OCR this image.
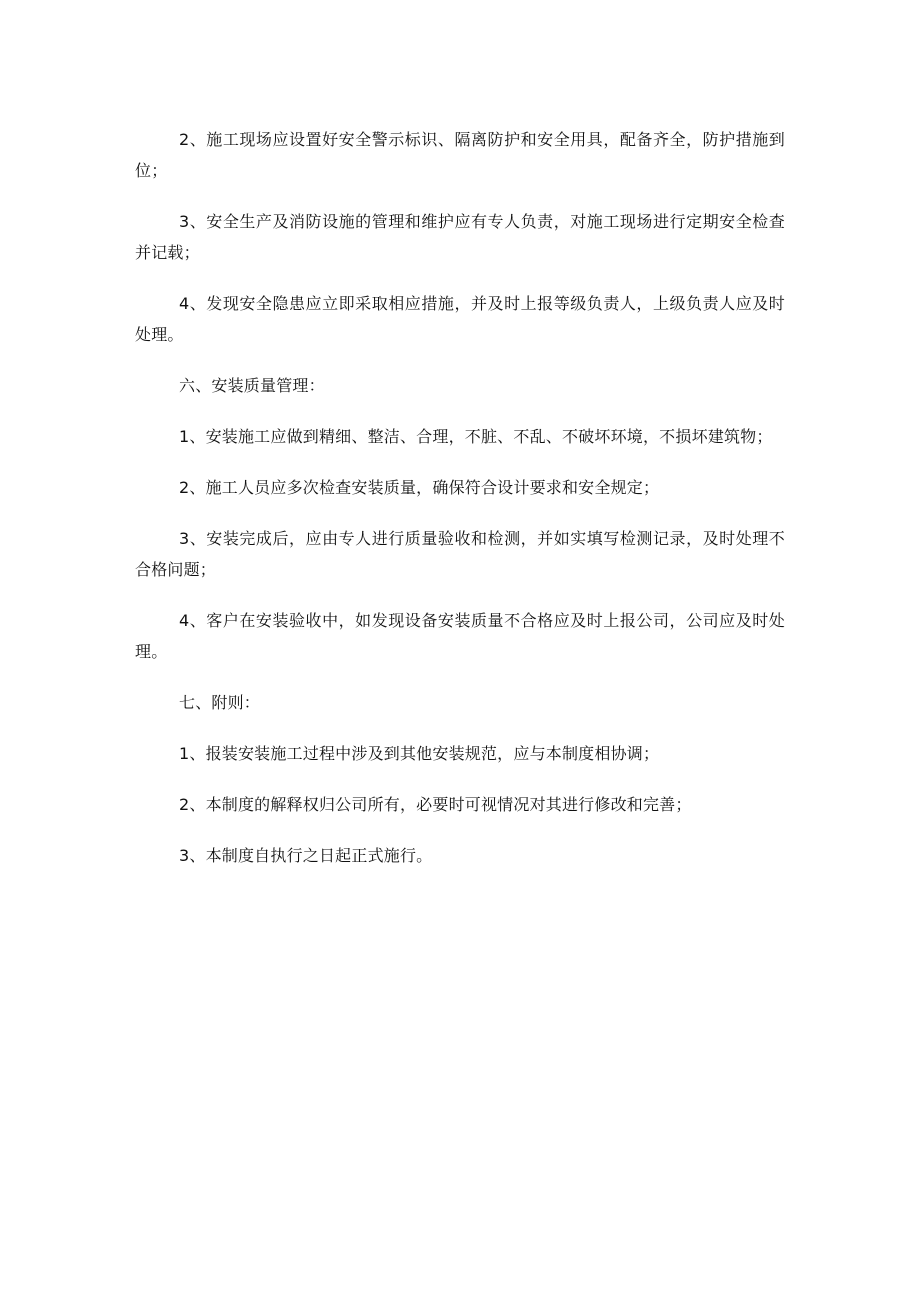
2、施工现场应设置好安全警示标识、隔离防护和安全用具，配备齐全，防护措施到位；

3、安全生产及消防设施的管理和维护应有专人负责，对施工现场进行定期安全检查并记载；

4、发现安全隐患应立即采取相应措施，并及时上报等级负责人，上级负责人应及时处理。

六、安装质量管理：

1、安装施工应做到精细、整洁、合理，不脏、不乱、不破坏环境，不损坏建筑物；

2、施工人员应多次检查安装质量，确保符合设计要求和安全规定；

3、安装完成后，应由专人进行质量验收和检测，并如实填写检测记录，及时处理不合格问题；

4、客户在安装验收中，如发现设备安装质量不合格应及时上报公司，公司应及时处理。

七、附则：

1、报装安装施工过程中涉及到其他安装规范，应与本制度相协调；

2、本制度的解释权归公司所有，必要时可视情况对其进行修改和完善；

3、本制度自执行之日起正式施行。
